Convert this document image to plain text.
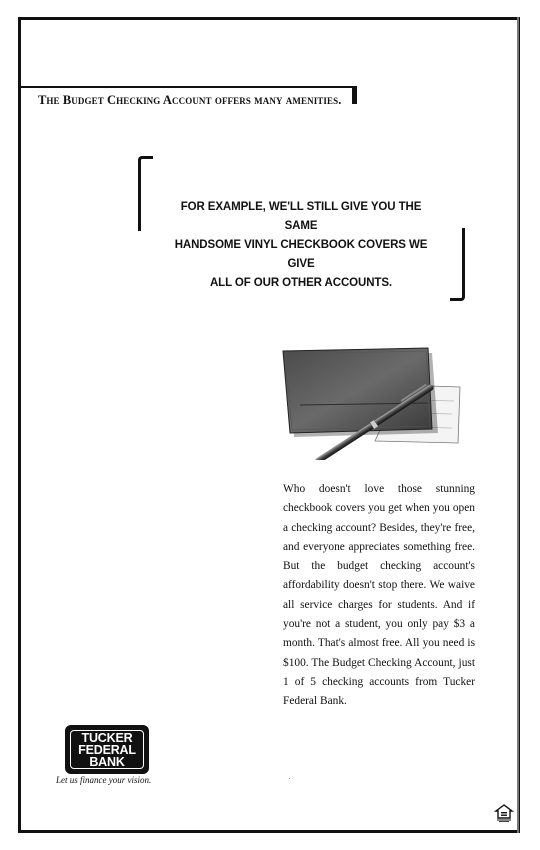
The Budget Checking Account offers many amenities.
FOR EXAMPLE, WE'LL STILL GIVE YOU THE SAME
HANDSOME VINYL CHECKBOOK COVERS WE GIVE
ALL OF OUR OTHER ACCOUNTS.
Who doesn't love those stunning checkbook covers you get when you open a checking account? Besides, they're free, and everyone appreciates something free. But the budget checking account's affordability doesn't stop there. We waive all service charges for students. And if you're not a student, you only pay $3 a month. That's almost free. All you need is $100. The Budget Checking Account, just 1 of 5 checking accounts from Tucker Federal Bank.
TUCKER
FEDERAL
BANK
Let us finance your vision.
